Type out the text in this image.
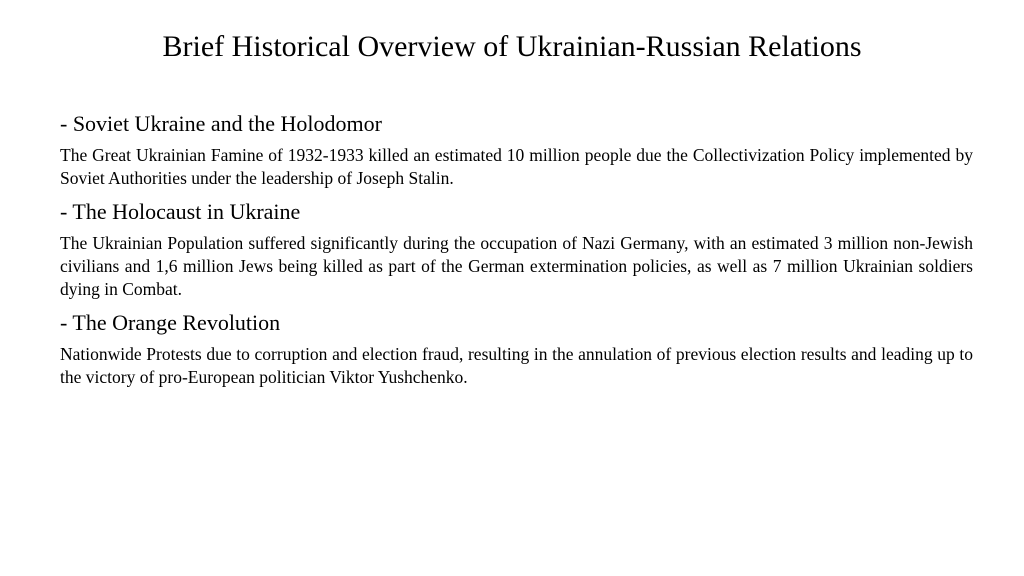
Brief Historical Overview of Ukrainian-Russian Relations

- Soviet Ukraine and the Holodomor

The Great Ukrainian Famine of 1932-1933 killed an estimated 10 million people due the Collectivization Policy implemented by Soviet Authorities under the leadership of Joseph Stalin.

- The Holocaust in Ukraine

The Ukrainian Population suffered significantly during the occupation of Nazi Germany, with an estimated 3 million non-Jewish civilians and 1,6 million Jews being killed as part of the German extermination policies, as well as 7 million Ukrainian soldiers dying in Combat.

- The Orange Revolution

Nationwide Protests due to corruption and election fraud, resulting in the annulation of previous election results and leading up to the victory of pro-European politician Viktor Yushchenko.
